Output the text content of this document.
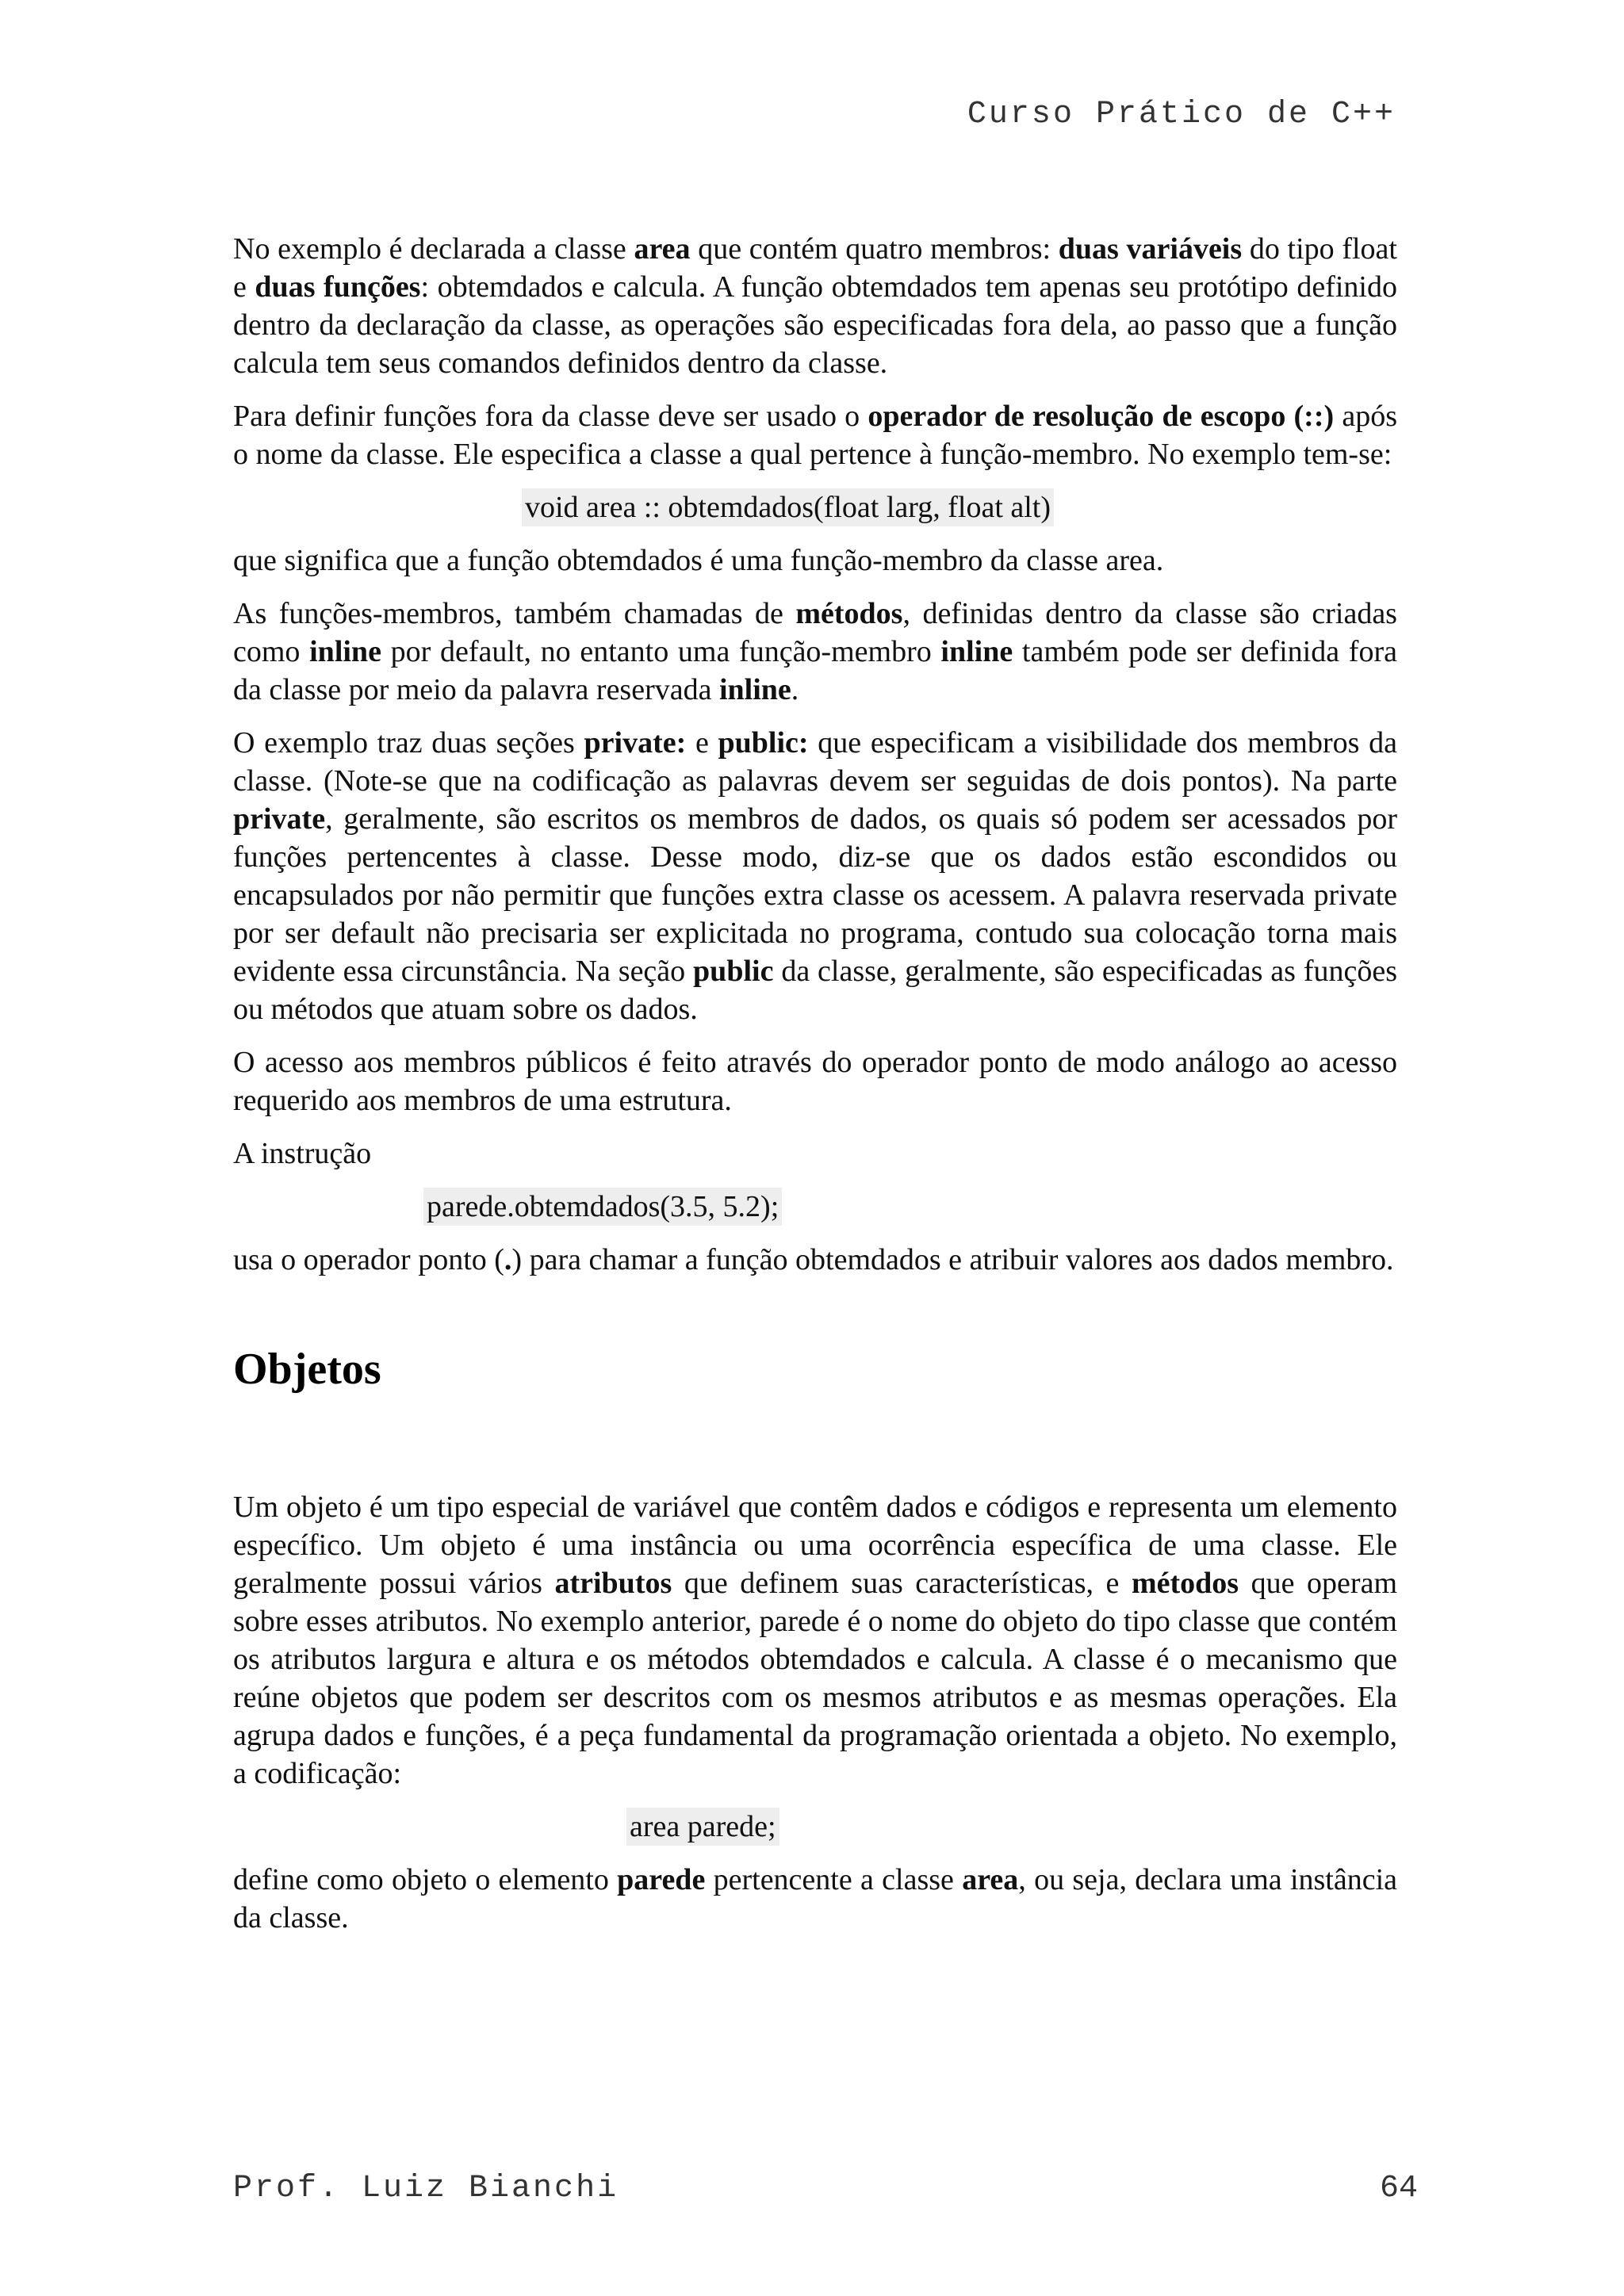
Curso Prático de C++

No exemplo é declarada a classe area que contém quatro membros: duas variáveis do tipo float e duas funções: obtemdados e calcula. A função obtemdados tem apenas seu protótipo definido dentro da declaração da classe, as operações são especificadas fora dela, ao passo que a função calcula tem seus comandos definidos dentro da classe.

Para definir funções fora da classe deve ser usado o operador de resolução de escopo (::) após o nome da classe. Ele especifica a classe a qual pertence à função-membro. No exemplo tem-se:

void area :: obtemdados(float larg, float alt)

que significa que a função obtemdados é uma função-membro da classe area.

As funções-membros, também chamadas de métodos, definidas dentro da classe são criadas como inline por default, no entanto uma função-membro inline também pode ser definida fora da classe por meio da palavra reservada inline.

O exemplo traz duas seções private: e public: que especificam a visibilidade dos membros da classe. (Note-se que na codificação as palavras devem ser seguidas de dois pontos). Na parte private, geralmente, são escritos os membros de dados, os quais só podem ser acessados por funções pertencentes à classe. Desse modo, diz-se que os dados estão escondidos ou encapsulados por não permitir que funções extra classe os acessem. A palavra reservada private por ser default não precisaria ser explicitada no programa, contudo sua colocação torna mais evidente essa circunstância. Na seção public da classe, geralmente, são especificadas as funções ou métodos que atuam sobre os dados.

O acesso aos membros públicos é feito através do operador ponto de modo análogo ao acesso requerido aos membros de uma estrutura.

A instrução

parede.obtemdados(3.5, 5.2);

usa o operador ponto (.) para chamar a função obtemdados e atribuir valores aos dados membro.

Objetos

Um objeto é um tipo especial de variável que contêm dados e códigos e representa um elemento específico. Um objeto é uma instância ou uma ocorrência específica de uma classe. Ele geralmente possui vários atributos que definem suas características, e métodos que operam sobre esses atributos. No exemplo anterior, parede é o nome do objeto do tipo classe que contém os atributos largura e altura e os métodos obtemdados e calcula. A classe é o mecanismo que reúne objetos que podem ser descritos com os mesmos atributos e as mesmas operações. Ela agrupa dados e funções, é a peça fundamental da programação orientada a objeto. No exemplo, a codificação:

area parede;

define como objeto o elemento parede pertencente a classe area, ou seja, declara uma instância da classe.

Prof. Luiz Bianchi	64
